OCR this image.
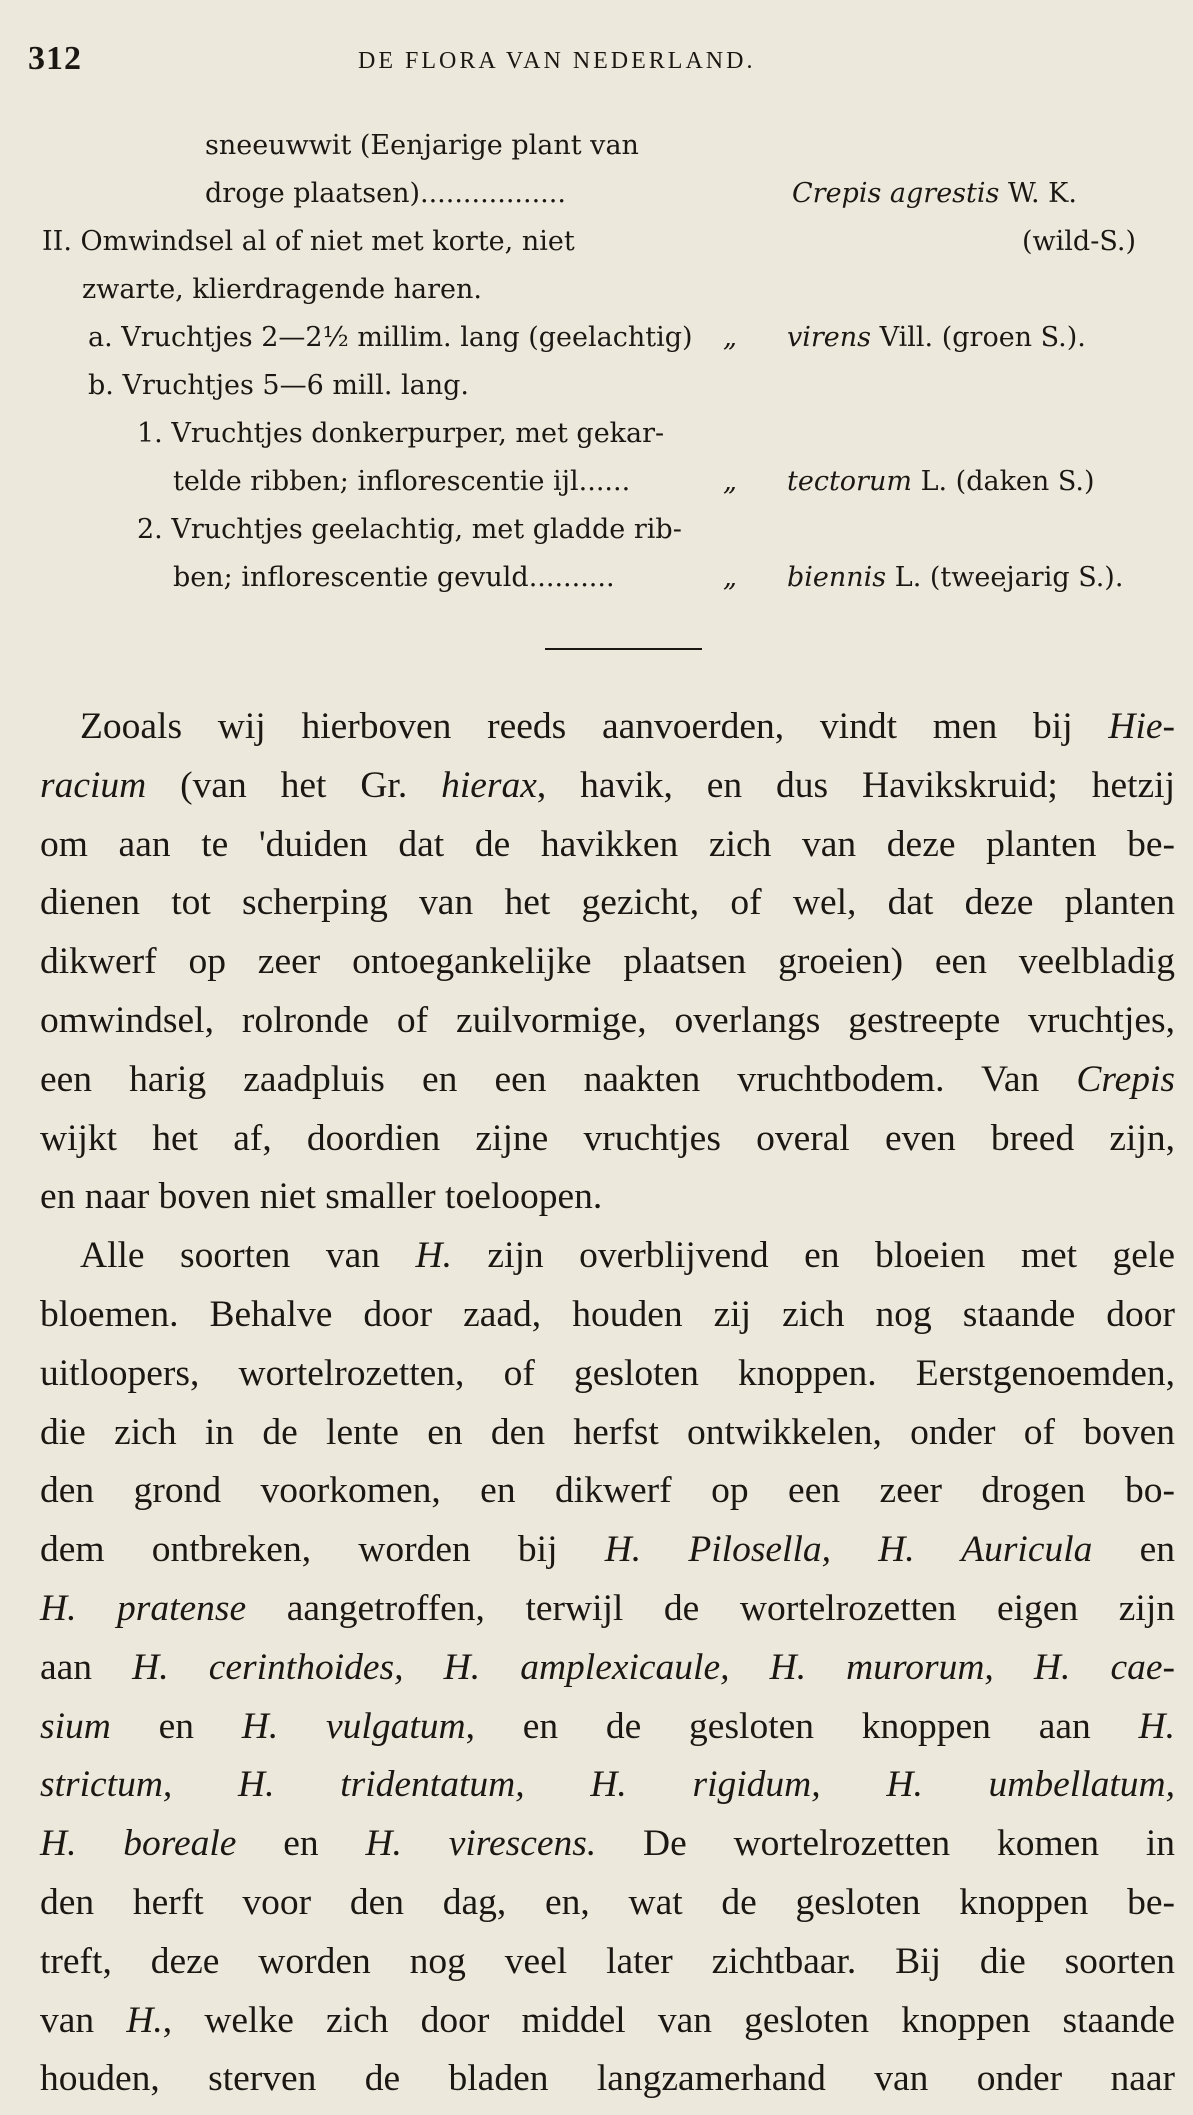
312	DE FLORA VAN NEDERLAND.
sneeuwwit (Eenjarige plant van
droge plaatsen).................	Crepis agrestis W. K.
II. Omwindsel al of niet met korte, niet	(wild-S.)
zwarte, klierdragende haren.
a. Vruchtjes 2—2½ millim. lang (geelachtig) „ virens Vill. (groen S.).
b. Vruchtjes 5—6 mill. lang.
1. Vruchtjes donkerpurper, met gekar-
telde ribben; inflorescentie ijl......	„ tectorum L. (daken S.)
2. Vruchtjes geelachtig, met gladde rib-
ben; inflorescentie gevuld..........	„ biennis L. (tweejarig S.).
Zooals wij hierboven reeds aanvoerden, vindt men bij Hie-
racium (van het Gr. hierax, havik, en dus Havikskruid; hetzij
om aan te 'duiden dat de havikken zich van deze planten be-
dienen tot scherping van het gezicht, of wel, dat deze planten
dikwerf op zeer ontoegankelijke plaatsen groeien) een veelbladig
omwindsel, rolronde of zuilvormige, overlangs gestreepte vruchtjes,
een harig zaadpluis en een naakten vruchtbodem. Van Crepis
wijkt het af, doordien zijne vruchtjes overal even breed zijn,
en naar boven niet smaller toeloopen.
Alle soorten van H. zijn overblijvend en bloeien met gele
bloemen. Behalve door zaad, houden zij zich nog staande door
uitloopers, wortelrozetten, of gesloten knoppen. Eerstgenoemden,
die zich in de lente en den herfst ontwikkelen, onder of boven
den grond voorkomen, en dikwerf op een zeer drogen bo-
dem ontbreken, worden bij H. Pilosella, H. Auricula en
H. pratense aangetroffen, terwijl de wortelrozetten eigen zijn
aan H. cerinthoides, H. amplexicaule, H. murorum, H. cae-
sium en H. vulgatum, en de gesloten knoppen aan H.
strictum, H. tridentatum, H. rigidum, H. umbellatum,
H. boreale en H. virescens. De wortelrozetten komen in
den herft voor den dag, en, wat de gesloten knoppen be-
treft, deze worden nog veel later zichtbaar. Bij die soorten
van H., welke zich door middel van gesloten knoppen staande
houden, sterven de bladen langzamerhand van onder naar
